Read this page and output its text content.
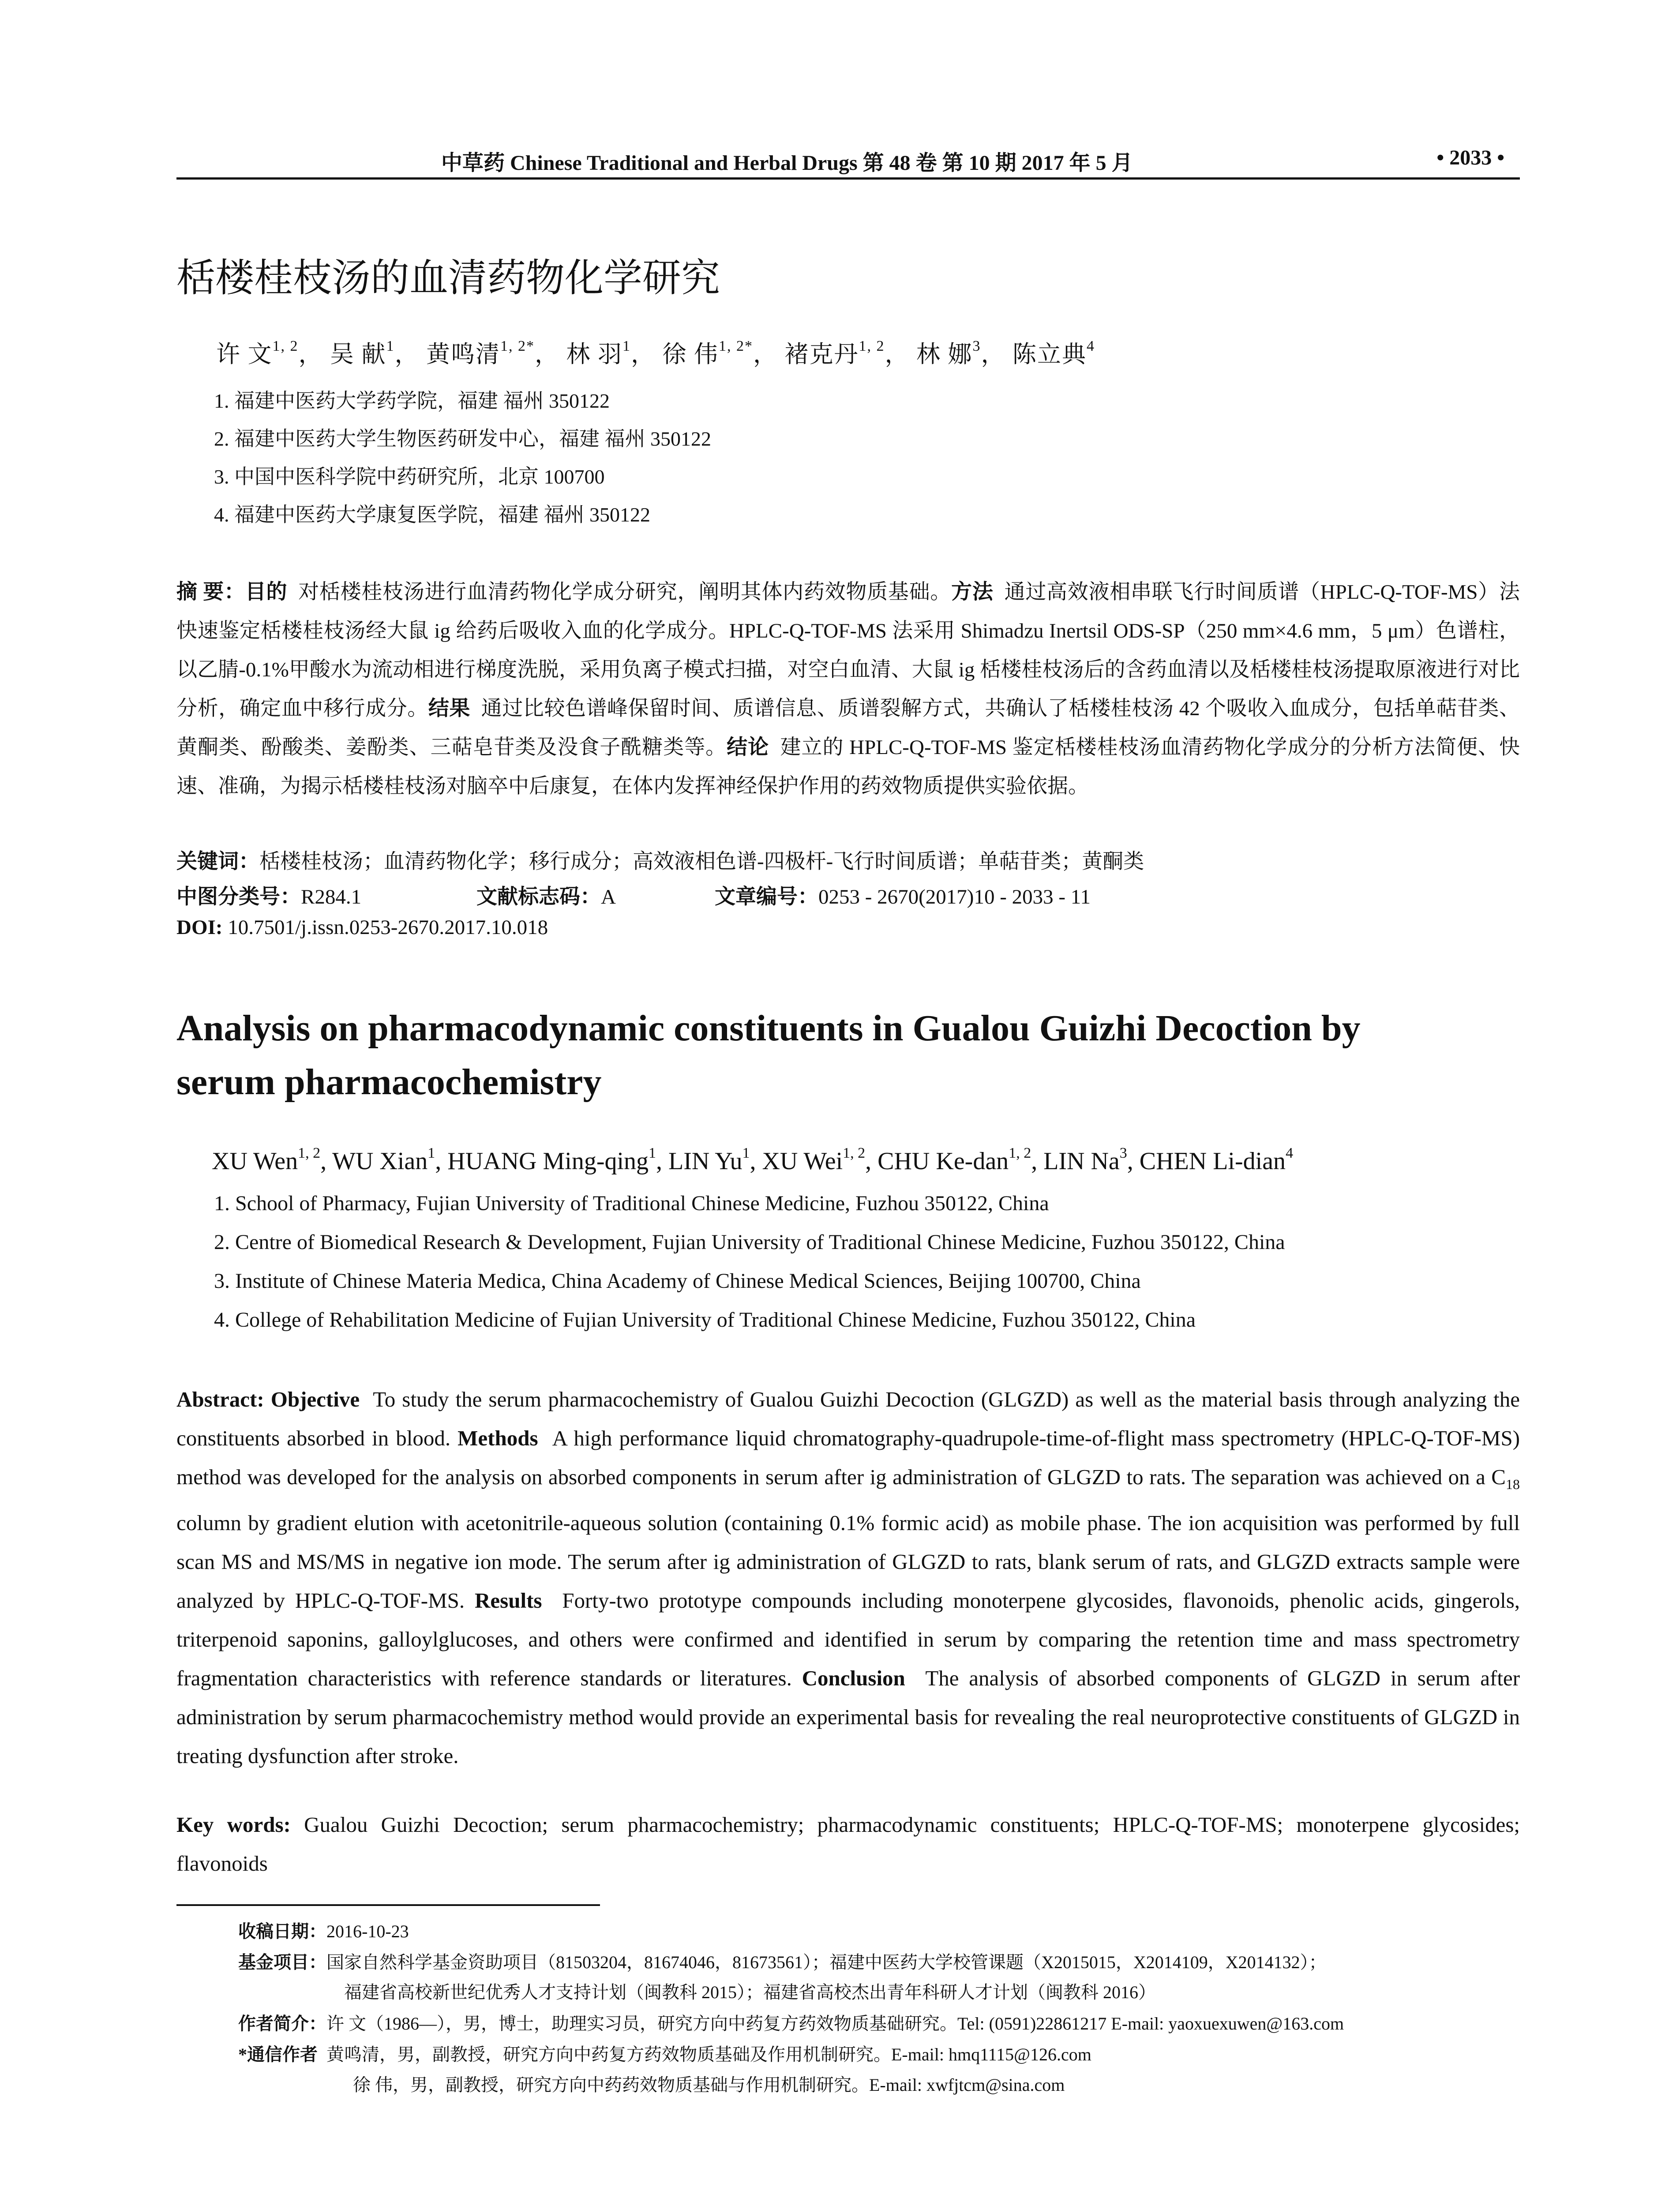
中草药 Chinese Traditional and Herbal Drugs 第 48 卷 第 10 期 2017 年 5 月	• 2033 •
栝楼桂枝汤的血清药物化学研究
许 文$^{1, 2}$， 吴 献$^1$， 黄鸣清$^{1, 2*}$， 林 羽$^1$， 徐 伟$^{1, 2*}$， 褚克丹$^{1, 2}$， 林 娜$^3$， 陈立典$^4$
1. 福建中医药大学药学院，福建 福州 350122
2. 福建中医药大学生物医药研发中心，福建 福州 350122
3. 中国中医科学院中药研究所，北京 100700
4. 福建中医药大学康复医学院，福建 福州 350122
摘 要：目的 对栝楼桂枝汤进行血清药物化学成分研究，阐明其体内药效物质基础。方法 通过高效液相串联飞行时间质谱（HPLC-Q-TOF-MS）法快速鉴定栝楼桂枝汤经大鼠 ig 给药后吸收入血的化学成分。HPLC-Q-TOF-MS 法采用 Shimadzu Inertsil ODS-SP（250 mm×4.6 mm，5 μm）色谱柱，以乙腈-0.1%甲酸水为流动相进行梯度洗脱，采用负离子模式扫描，对空白血清、大鼠 ig 栝楼桂枝汤后的含药血清以及栝楼桂枝汤提取原液进行对比分析，确定血中移行成分。结果 通过比较色谱峰保留时间、质谱信息、质谱裂解方式，共确认了栝楼桂枝汤 42 个吸收入血成分，包括单萜苷类、黄酮类、酚酸类、姜酚类、三萜皂苷类及没食子酰糖类等。结论 建立的 HPLC-Q-TOF-MS 鉴定栝楼桂枝汤血清药物化学成分的分析方法简便、快速、准确，为揭示栝楼桂枝汤对脑卒中后康复，在体内发挥神经保护作用的药效物质提供实验依据。
关键词：栝楼桂枝汤；血清药物化学；移行成分；高效液相色谱-四极杆-飞行时间质谱；单萜苷类；黄酮类
中图分类号：R284.1	文献标志码：A	文章编号：0253 - 2670(2017)10 - 2033 - 11
DOI: 10.7501/j.issn.0253-2670.2017.10.018
Analysis on pharmacodynamic constituents in Gualou Guizhi Decoction by
serum pharmacochemistry
XU Wen$^{1, 2}$, WU Xian$^1$, HUANG Ming-qing$^1$, LIN Yu$^1$, XU Wei$^{1, 2}$, CHU Ke-dan$^{1, 2}$, LIN Na$^3$, CHEN Li-dian$^4$
1. School of Pharmacy, Fujian University of Traditional Chinese Medicine, Fuzhou 350122, China
2. Centre of Biomedical Research & Development, Fujian University of Traditional Chinese Medicine, Fuzhou 350122, China
3. Institute of Chinese Materia Medica, China Academy of Chinese Medical Sciences, Beijing 100700, China
4. College of Rehabilitation Medicine of Fujian University of Traditional Chinese Medicine, Fuzhou 350122, China
Abstract: Objective To study the serum pharmacochemistry of Gualou Guizhi Decoction (GLGZD) as well as the material basis through analyzing the constituents absorbed in blood. Methods A high performance liquid chromatography-quadrupole-time-of-flight mass spectrometry (HPLC-Q-TOF-MS) method was developed for the analysis on absorbed components in serum after ig administration of GLGZD to rats. The separation was achieved on a $C_{18}$ column by gradient elution with acetonitrile-aqueous solution (containing 0.1% formic acid) as mobile phase. The ion acquisition was performed by full scan MS and MS/MS in negative ion mode. The serum after ig administration of GLGZD to rats, blank serum of rats, and GLGZD extracts sample were analyzed by HPLC-Q-TOF-MS. Results Forty-two prototype compounds including monoterpene glycosides, flavonoids, phenolic acids, gingerols, triterpenoid saponins, galloylglucoses, and others were confirmed and identified in serum by comparing the retention time and mass spectrometry fragmentation characteristics with reference standards or literatures. Conclusion The analysis of absorbed components of GLGZD in serum after administration by serum pharmacochemistry method would provide an experimental basis for revealing the real neuroprotective constituents of GLGZD in treating dysfunction after stroke.
Key words: Gualou Guizhi Decoction; serum pharmacochemistry; pharmacodynamic constituents; HPLC-Q-TOF-MS; monoterpene glycosides; flavonoids
收稿日期：2016-10-23
基金项目：国家自然科学基金资助项目（81503204，81674046，81673561）；福建中医药大学校管课题（X2015015，X2014109，X2014132）；
福建省高校新世纪优秀人才支持计划（闽教科 2015）；福建省高校杰出青年科研人才计划（闽教科 2016）
作者简介：许 文（1986—），男，博士，助理实习员，研究方向中药复方药效物质基础研究。Tel: (0591)22861217 E-mail: yaoxuexuwen@163.com
*通信作者 黄鸣清，男，副教授，研究方向中药复方药效物质基础及作用机制研究。E-mail: hmq1115@126.com
徐 伟，男，副教授，研究方向中药药效物质基础与作用机制研究。E-mail: xwfjtcm@sina.com
